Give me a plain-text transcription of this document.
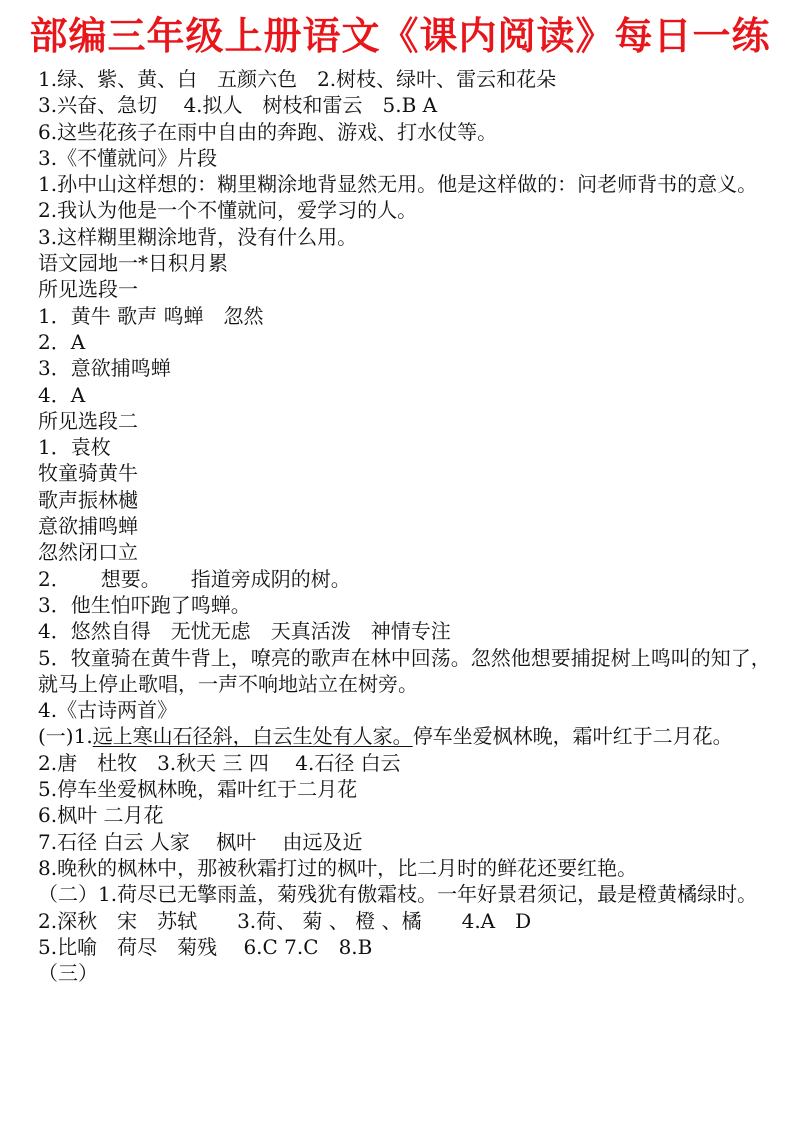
部编三年级上册语文《课内阅读》每日一练
1.绿、紫、黄、白　五颜六色　2.树枝、绿叶、雷云和花朵
3.兴奋、急切　 4.拟人　树枝和雷云　5.B A
6.这些花孩子在雨中自由的奔跑、游戏、打水仗等。
3.《不懂就问》片段
1.孙中山这样想的：糊里糊涂地背显然无用。他是这样做的：问老师背书的意义。
2.我认为他是一个不懂就问，爱学习的人。
3.这样糊里糊涂地背，没有什么用。
语文园地一*日积月累
所见选段一
1．黄牛 歌声 鸣蝉　忽然
2．A
3．意欲捕鸣蝉
4．A
所见选段二
1．袁枚
牧童骑黄牛
歌声振林樾
意欲捕鸣蝉
忽然闭口立
2．　　想要。　　指道旁成阴的树。
3．他生怕吓跑了鸣蝉。
4．悠然自得　无忧无虑　天真活泼　神情专注
5．牧童骑在黄牛背上，嘹亮的歌声在林中回荡。忽然他想要捕捉树上鸣叫的知了，就马上停止歌唱，一声不响地站立在树旁。
4.《古诗两首》
(一)1.远上寒山石径斜，白云生处有人家。停车坐爱枫林晚，霜叶红于二月花。
2.唐　杜牧　3.秋天 三 四　 4.石径 白云
5.停车坐爱枫林晚，霜叶红于二月花
6.枫叶 二月花
7.石径 白云 人家　 枫叶　 由远及近
8.晚秋的枫林中，那被秋霜打过的枫叶，比二月时的鲜花还要红艳。
（二）1.荷尽已无擎雨盖，菊残犹有傲霜枝。一年好景君须记，最是橙黄橘绿时。
2.深秋　宋　苏轼　　3.荷、 菊 、 橙 、橘　　4.A　D
5.比喻　荷尽　菊残　 6.C 7.C　8.B
（三）
